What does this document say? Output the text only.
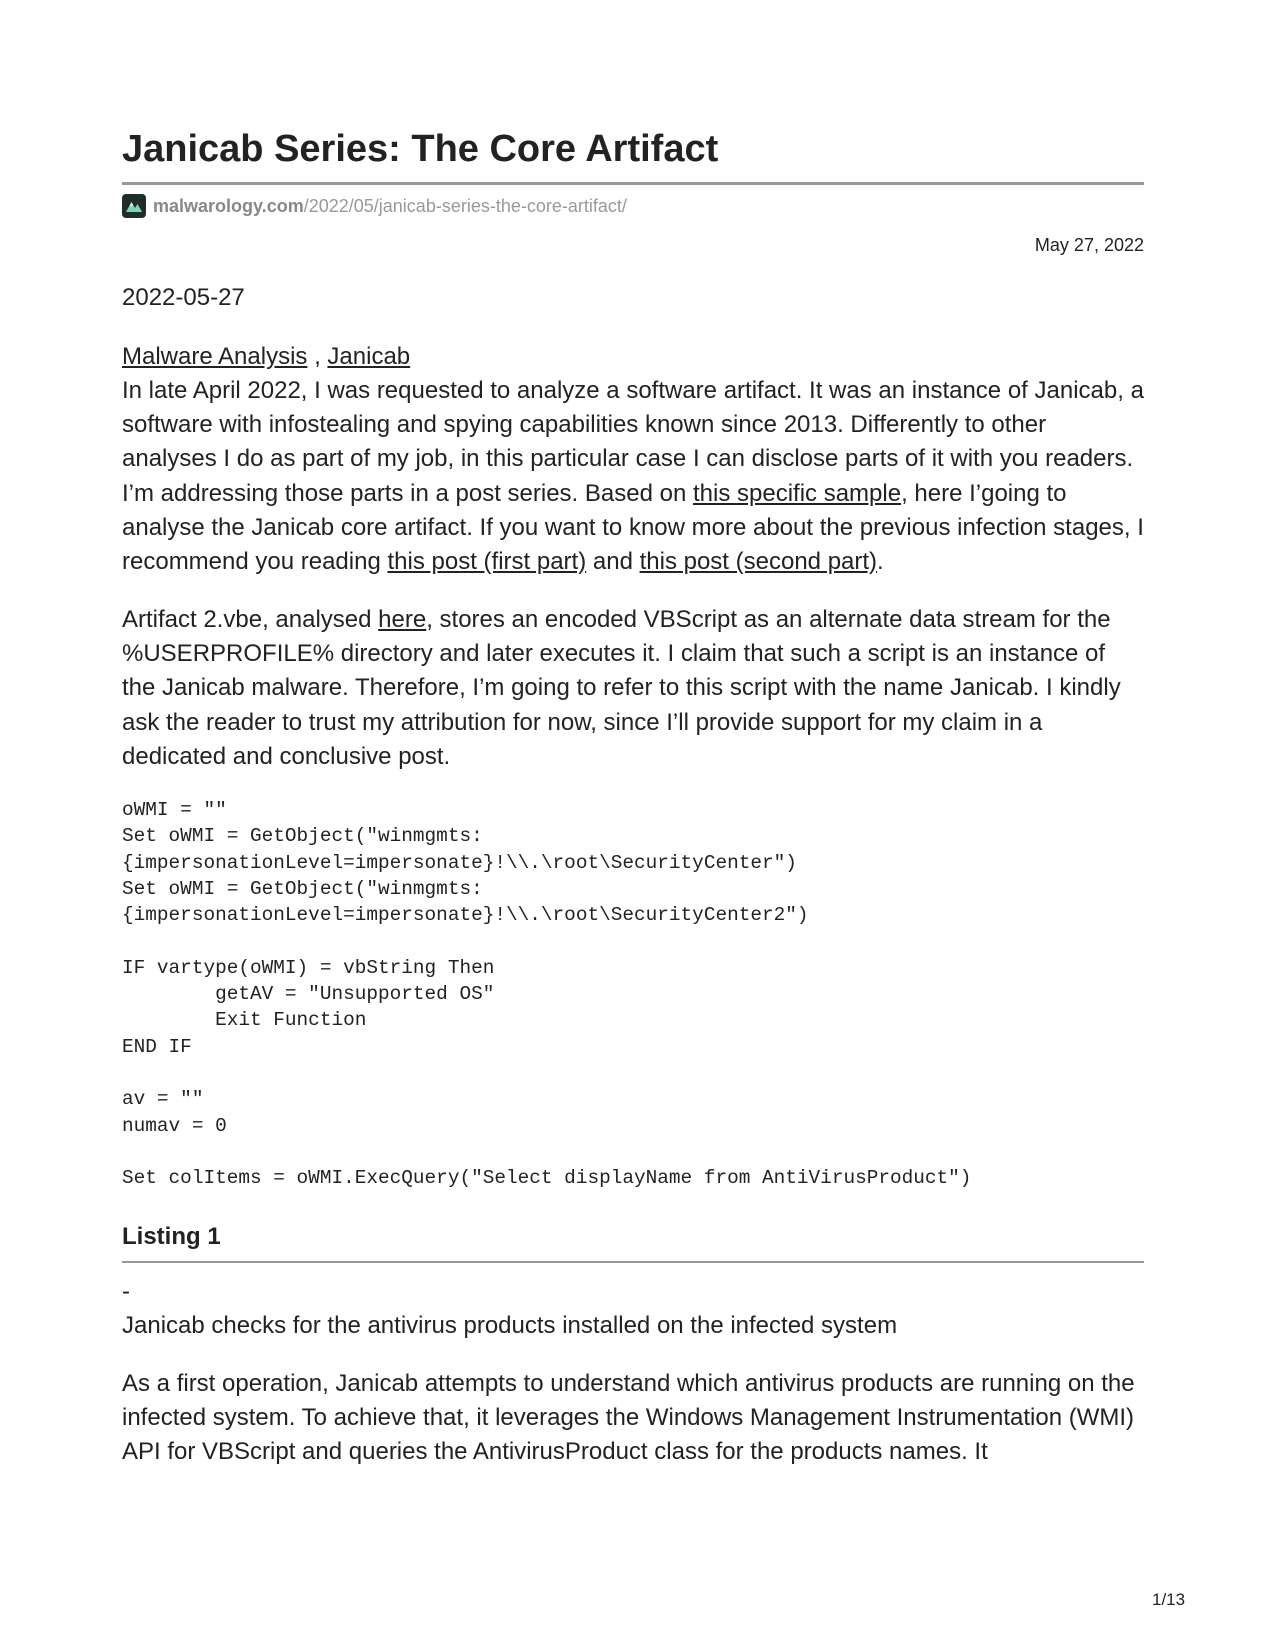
Janicab Series: The Core Artifact
malwarology.com /2022/05/janicab-series-the-core-artifact/
May 27, 2022
2022-05-27
Malware Analysis , Janicab

In late April 2022, I was requested to analyze a software artifact. It was an instance of Janicab, a software with infostealing and spying capabilities known since 2013. Differently to other analyses I do as part of my job, in this particular case I can disclose parts of it with you readers. I’m addressing those parts in a post series. Based on this specific sample, here I’going to analyse the Janicab core artifact. If you want to know more about the previous infection stages, I recommend you reading this post (first part) and this post (second part).

Artifact 2.vbe, analysed here, stores an encoded VBScript as an alternate data stream for the %USERPROFILE% directory and later executes it. I claim that such a script is an instance of the Janicab malware. Therefore, I’m going to refer to this script with the name Janicab. I kindly ask the reader to trust my attribution for now, since I’ll provide support for my claim in a dedicated and conclusive post.

oWMI = ""
Set oWMI = GetObject("winmgmts:
{impersonationLevel=impersonate}!\\.\root\SecurityCenter")
Set oWMI = GetObject("winmgmts:
{impersonationLevel=impersonate}!\\.\root\SecurityCenter2")

IF vartype(oWMI) = vbString Then
getAV = "Unsupported OS"
Exit Function
END IF

av = ""
numav = 0

Set colItems = oWMI.ExecQuery("Select displayName from AntiVirusProduct")
Listing 1
-
Janicab checks for the antivirus products installed on the infected system

As a first operation, Janicab attempts to understand which antivirus products are running on the infected system. To achieve that, it leverages the Windows Management Instrumentation (WMI) API for VBScript and queries the AntivirusProduct class for the products names. It

1/13
